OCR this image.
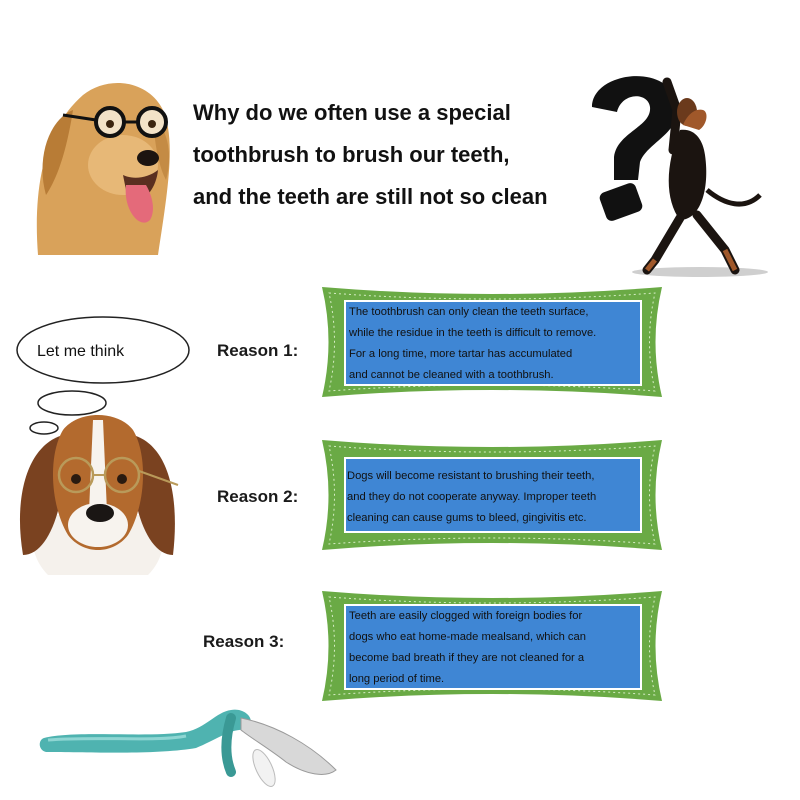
Why do we often use a special
toothbrush to brush our teeth,
and the teeth are still not so clean
Let me think	Reason 1:
The toothbrush can only clean the teeth surface,
while the residue in the teeth is difficult to remove.
For a long time, more tartar has accumulated
and cannot be cleaned with a toothbrush.
Reason 2:
Dogs will become resistant to brushing their teeth,
and they do not cooperate anyway. Improper teeth
cleaning can cause gums to bleed, gingivitis etc.
Reason 3:
Teeth are easily clogged with foreign bodies for
dogs who eat home-made mealsand, which can
become bad breath if they are not cleaned for a
long period of time.
